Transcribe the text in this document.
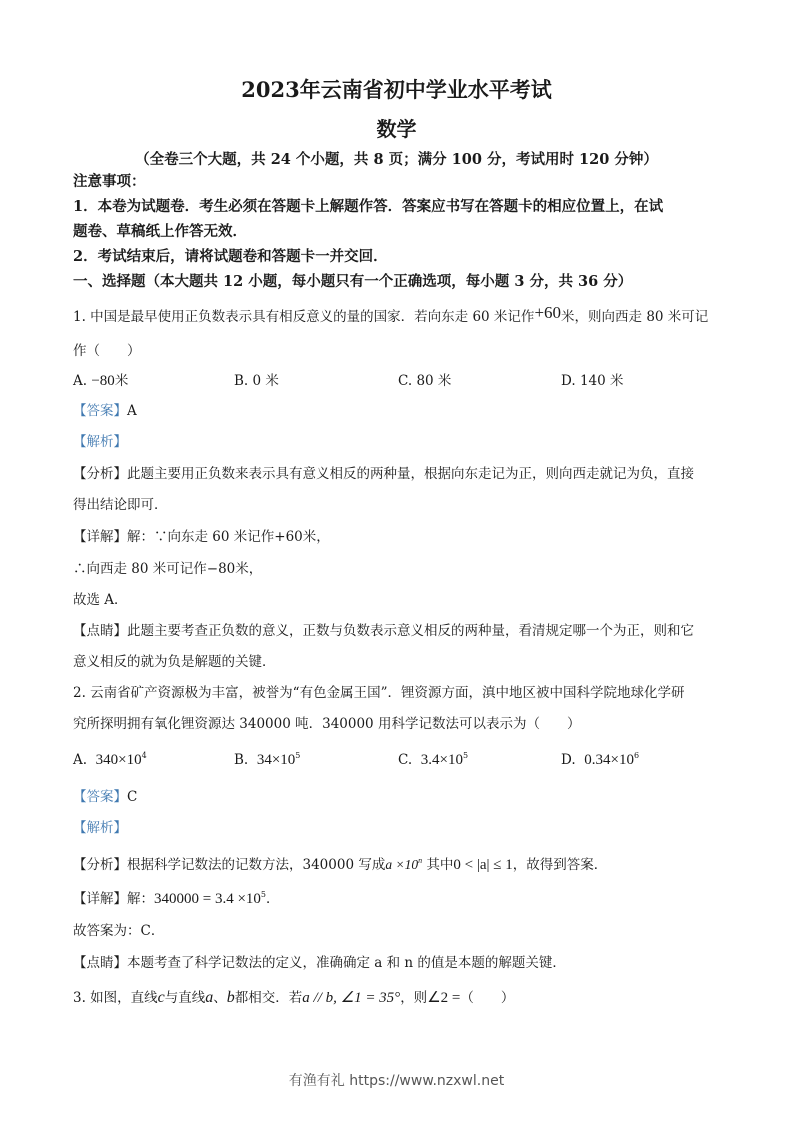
2023年云南省初中学业水平考试
数学
（全卷三个大题，共 24 个小题，共 8 页；满分 100 分，考试用时 120 分钟）
注意事项：
1．本卷为试题卷．考生必须在答题卡上解题作答．答案应书写在答题卡的相应位置上，在试
题卷、草稿纸上作答无效．
2．考试结束后，请将试题卷和答题卡一并交回．
一、选择题（本大题共 12 小题，每小题只有一个正确选项，每小题 3 分，共 36 分）
1. 中国是最早使用正负数表示具有相反意义的量的国家．若向东走 60 米记作+60米，则向西走 80 米可记
作（　　）
A. −80米	B. 0 米	C. 80 米	D. 140 米
【答案】A
【解析】
【分析】此题主要用正负数来表示具有意义相反的两种量，根据向东走记为正，则向西走就记为负，直接
得出结论即可．
【详解】解：∵向东走 60 米记作+60米，
∴向西走 80 米可记作−80米，
故选 A．
【点睛】此题主要考查正负数的意义，正数与负数表示意义相反的两种量，看清规定哪一个为正，则和它
意义相反的就为负是解题的关键．
2. 云南省矿产资源极为丰富，被誉为“有色金属王国”．锂资源方面，滇中地区被中国科学院地球化学研
究所探明拥有氧化锂资源达 340000 吨．340000 用科学记数法可以表示为（　　）
A. $340\times 10^4$	B. $34\times 10^5$	C. $3.4\times 10^5$	D. $0.34\times 10^6$
【答案】C
【解析】
【分析】根据科学记数法的记数方法，340000 写成$a \times 10^n$ 其中0 < |a| ≤ 1，故得到答案．
【详解】解：$340000 = 3.4 \times 10^5$．
故答案为：C．
【点睛】本题考查了科学记数法的定义，准确确定 a 和 n 的值是本题的解题关键．
3. 如图，直线c与直线a、b都相交．若a // b, ∠1 = 35°，则∠2 =（　　）
有渔有礼 https://www.nzxwl.net
